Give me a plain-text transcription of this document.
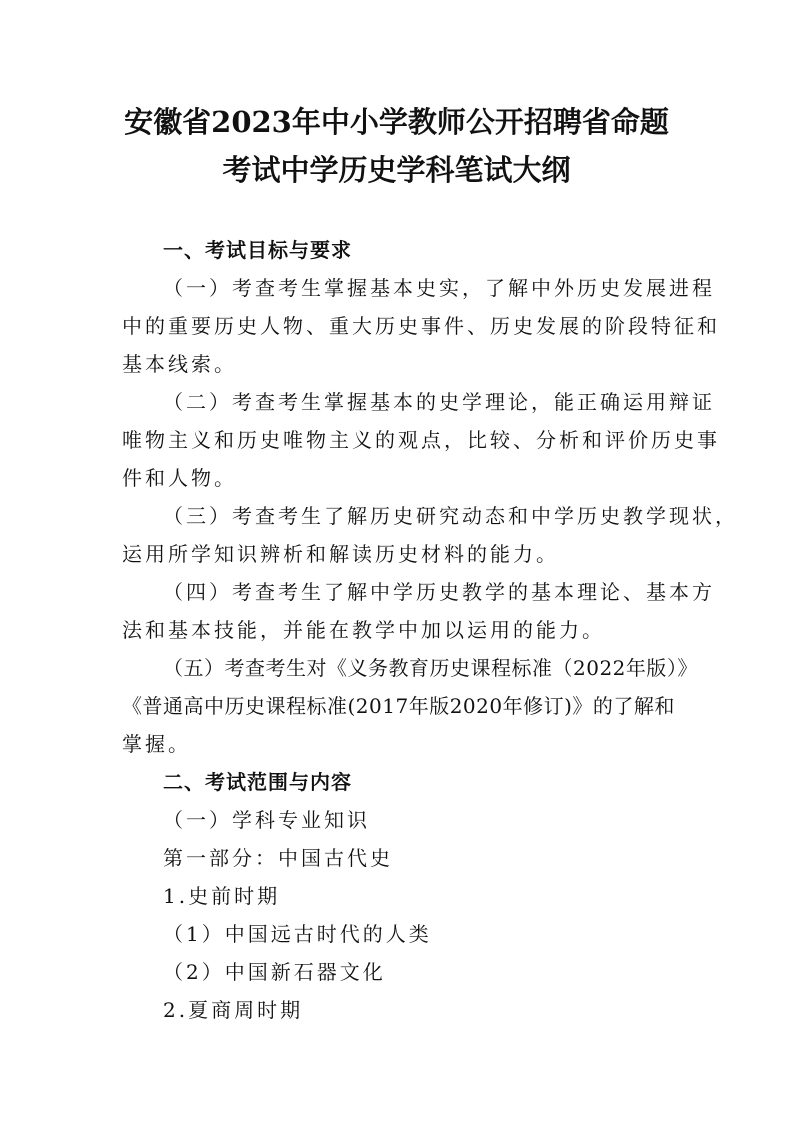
安徽省2023年中小学教师公开招聘省命题
考试中学历史学科笔试大纲
一、考试目标与要求
（一）考查考生掌握基本史实，了解中外历史发展进程
中的重要历史人物、重大历史事件、历史发展的阶段特征和
基本线索。
（二）考查考生掌握基本的史学理论，能正确运用辩证
唯物主义和历史唯物主义的观点，比较、分析和评价历史事
件和人物。
（三）考查考生了解历史研究动态和中学历史教学现状，
运用所学知识辨析和解读历史材料的能力。
（四）考查考生了解中学历史教学的基本理论、基本方
法和基本技能，并能在教学中加以运用的能力。
（五）考查考生对《义务教育历史课程标准（2022年版）》
《普通高中历史课程标准(2017年版2020年修订)》的了解和
掌握。
二、考试范围与内容
（一）学科专业知识
第一部分：中国古代史
1.史前时期
（1）中国远古时代的人类
（2）中国新石器文化
2.夏商周时期
